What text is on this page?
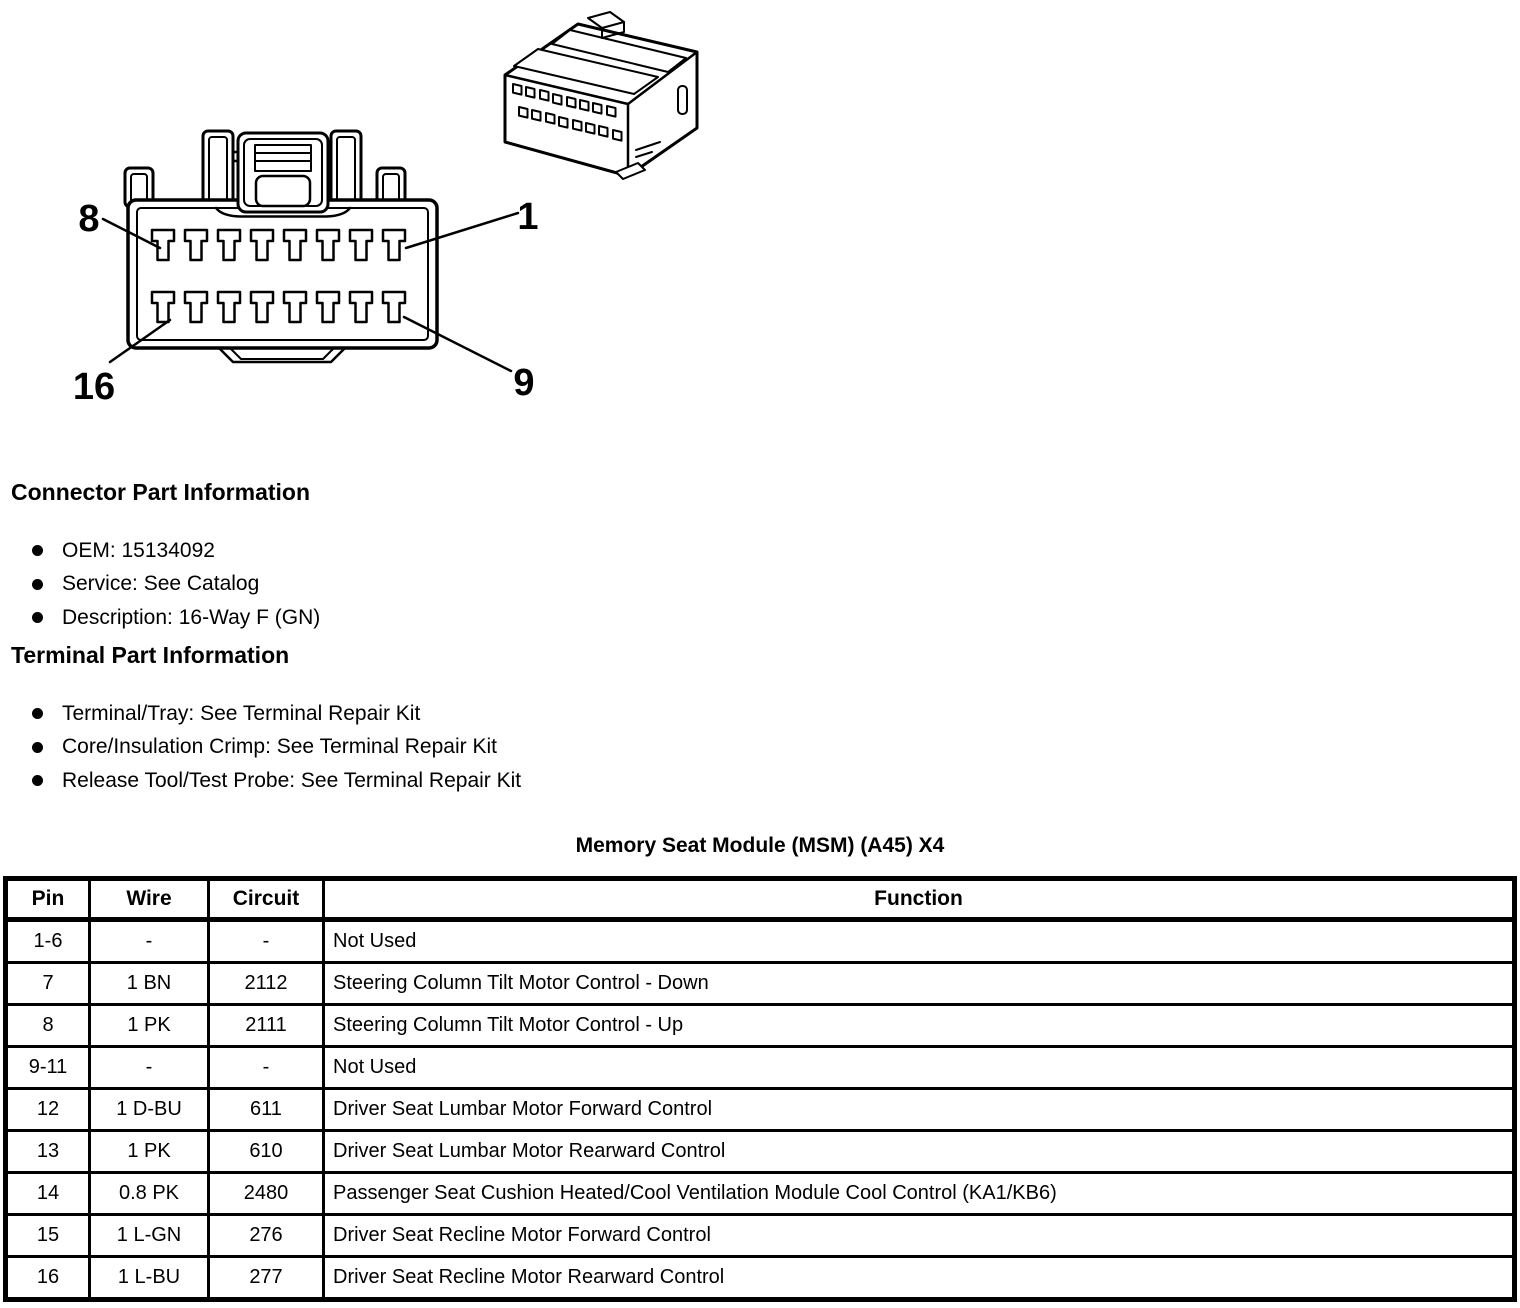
8	1
16	9
Connector Part Information
OEM: 15134092
Service: See Catalog
Description: 16-Way F (GN)
Terminal Part Information
Terminal/Tray: See Terminal Repair Kit
Core/Insulation Crimp: See Terminal Repair Kit
Release Tool/Test Probe: See Terminal Repair Kit

Memory Seat Module (MSM) (A45) X4

Pin	Wire	Circuit	Function
1-6	-	-	Not Used
7	1 BN	2112	Steering Column Tilt Motor Control - Down
8	1 PK	2111	Steering Column Tilt Motor Control - Up
9-11	-	-	Not Used
12	1 D-BU	611	Driver Seat Lumbar Motor Forward Control
13	1 PK	610	Driver Seat Lumbar Motor Rearward Control
14	0.8 PK	2480	Passenger Seat Cushion Heated/Cool Ventilation Module Cool Control (KA1/KB6)
15	1 L-GN	276	Driver Seat Recline Motor Forward Control
16	1 L-BU	277	Driver Seat Recline Motor Rearward Control
